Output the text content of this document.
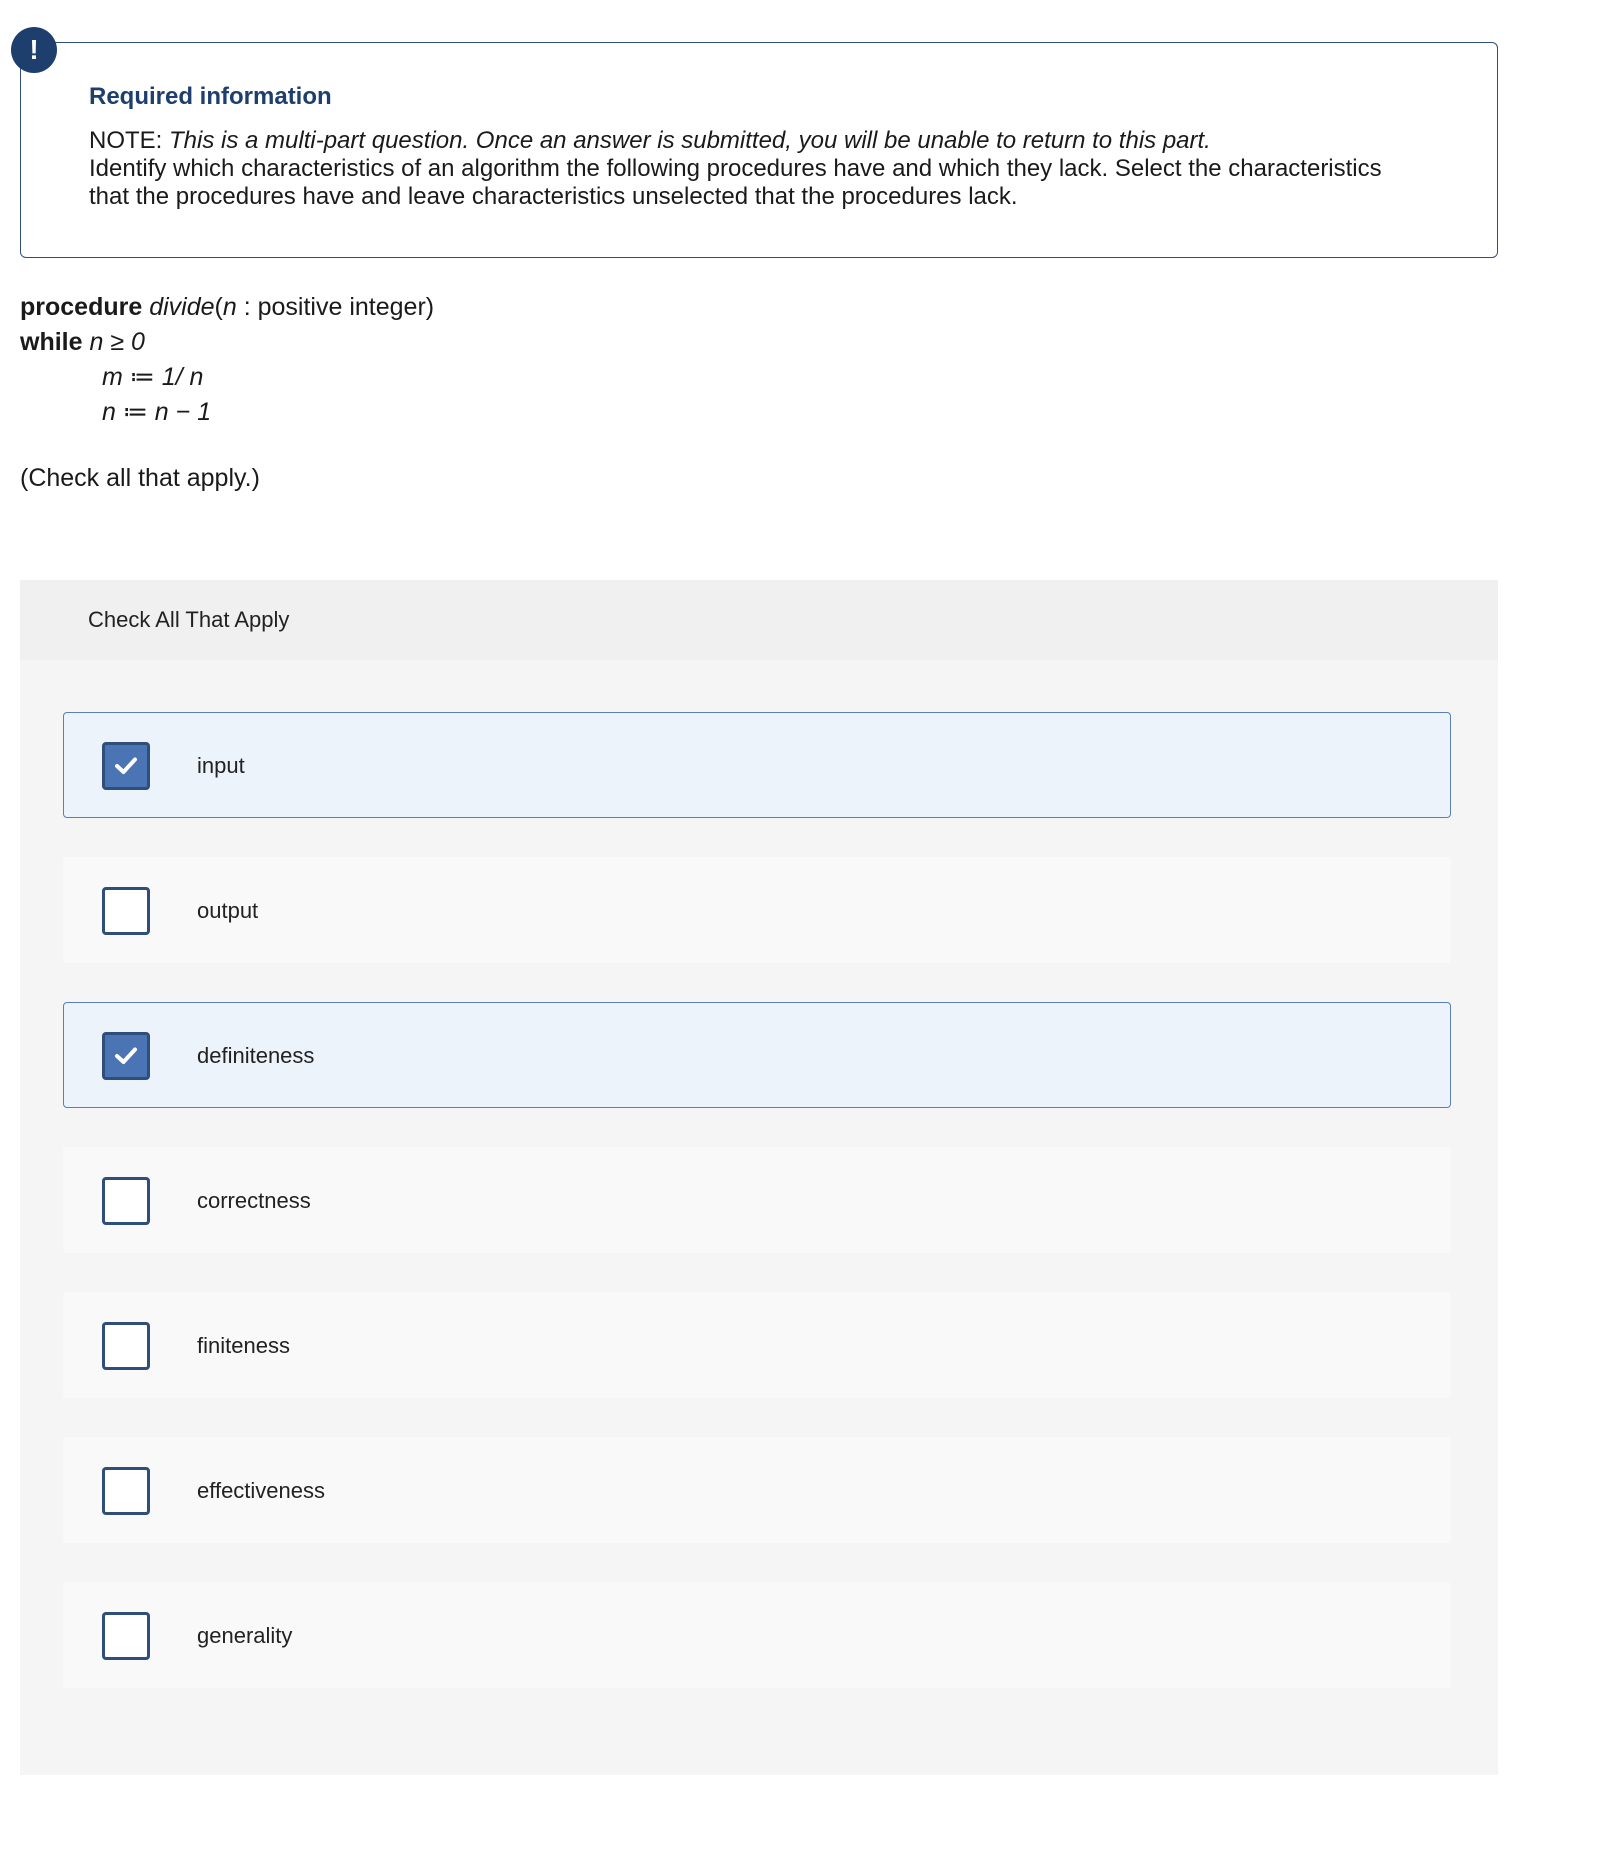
!
Required information
NOTE: This is a multi-part question. Once an answer is submitted, you will be unable to return to this part.
Identify which characteristics of an algorithm the following procedures have and which they lack. Select the characteristics that the procedures have and leave characteristics unselected that the procedures lack.
procedure divide(n : positive integer)
while n ≥ 0
m ≔ 1/ n
n ≔ n − 1
(Check all that apply.)
Check All That Apply
input
output
definiteness
correctness
finiteness
effectiveness
generality
